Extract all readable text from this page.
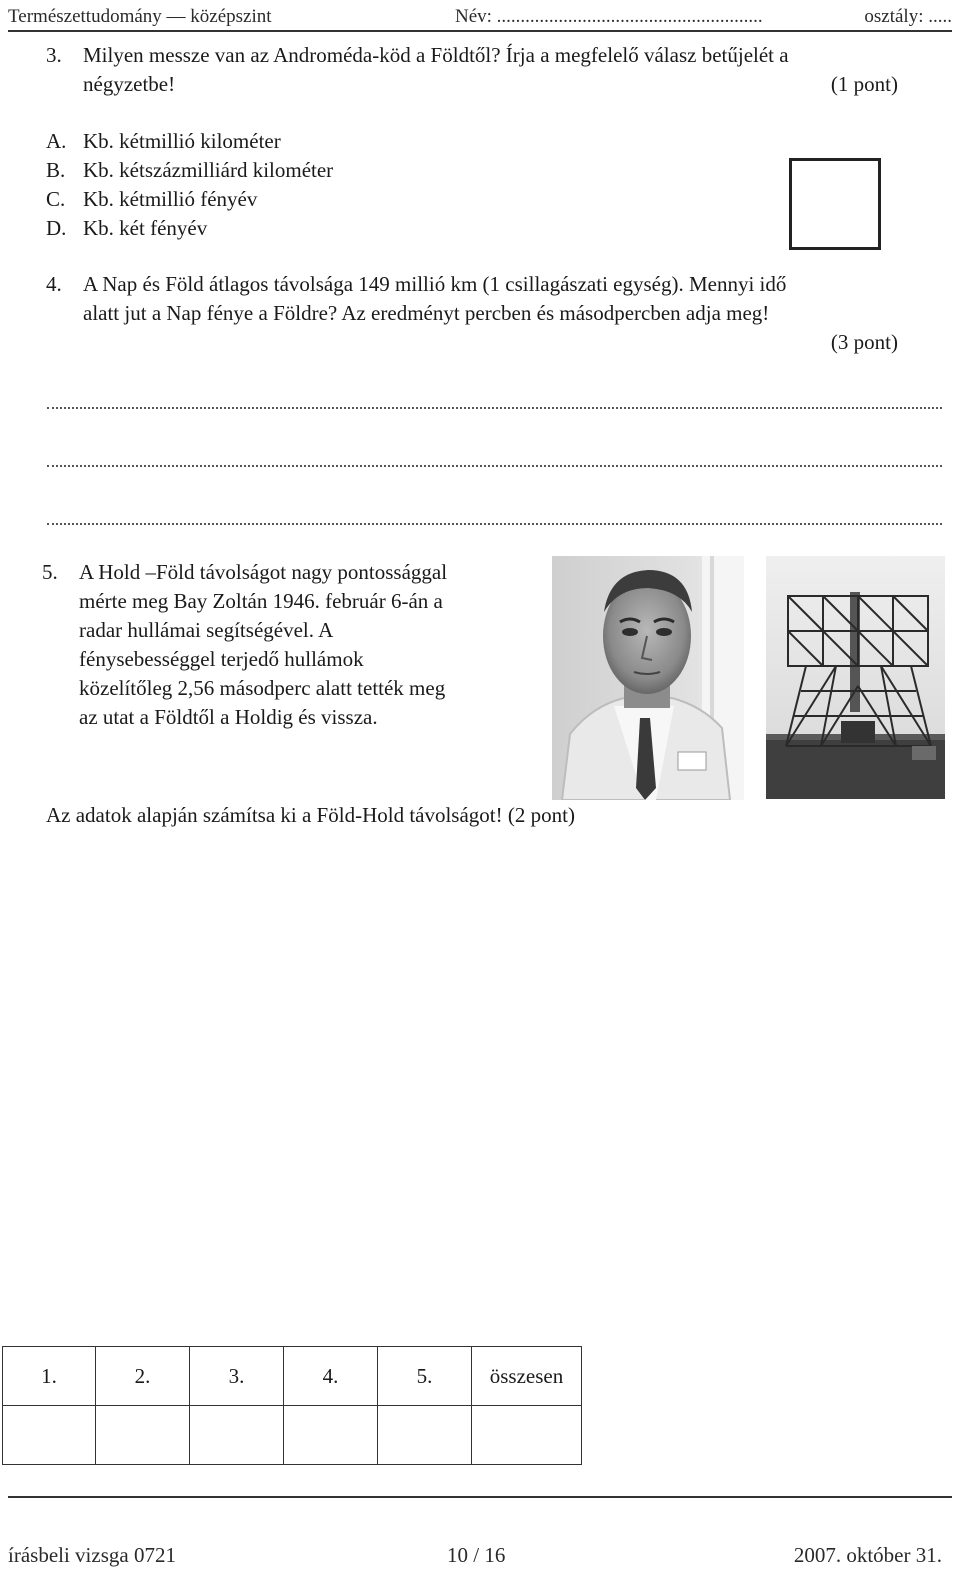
Természettudomány — középszint	Név: ........................................................	osztály: .....
3. Milyen messze van az Androméda-köd a Földtől? Írja a megfelelő válasz betűjelét a
négyzetbe!	(1 pont)
A. Kb. kétmillió kilométer
B. Kb. kétszázmilliárd kilométer
C. Kb. kétmillió fényév
D. Kb. két fényév
4. A Nap és Föld átlagos távolsága 149 millió km (1 csillagászati egység). Mennyi idő
alatt jut a Nap fénye a Földre? Az eredményt percben és másodpercben adja meg!
(3 pont)
5. A Hold –Föld távolságot nagy pontossággal
mérte meg Bay Zoltán 1946. február 6-án a
radar hullámai segítségével. A
fénysebességgel terjedő hullámok
közelítőleg 2,56 másodperc alatt tették meg
az utat a Földtől a Holdig és vissza.
Az adatok alapján számítsa ki a Föld-Hold távolságot! (2 pont)
1.	2.	3.	4.	5.	összesen

írásbeli vizsga 0721	10 / 16	2007. október 31.
